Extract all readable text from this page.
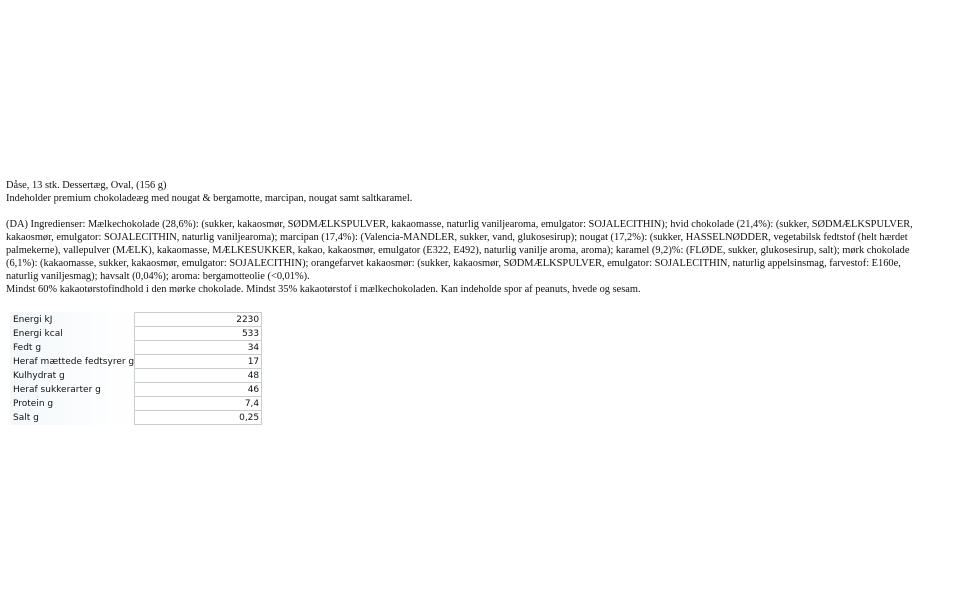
Dåse, 13 stk. Dessertæg, Oval, (156 g)
Indeholder premium chokoladeæg med nougat & bergamotte, marcipan, nougat samt saltkaramel.
(DA) Ingredienser: Mælkechokolade (28,6%): (sukker, kakaosmør, SØDMÆLKSPULVER, kakaomasse, naturlig vaniljearoma, emulgator: SOJALECITHIN); hvid chokolade (21,4%): (sukker, SØDMÆLKSPULVER,
kakaosmør, emulgator: SOJALECITHIN, naturlig vaniljearoma); marcipan (17,4%): (Valencia-MANDLER, sukker, vand, glukosesirup); nougat (17,2%): (sukker, HASSELNØDDER, vegetabilsk fedtstof (helt hærdet
palmekerne), vallepulver (MÆLK), kakaomasse, MÆLKESUKKER, kakao, kakaosmør, emulgator (E322, E492), naturlig vanilje aroma, aroma); karamel (9,2)%: (FLØDE, sukker, glukosesirup, salt); mørk chokolade
(6,1%): (kakaomasse, sukker, kakaosmør, emulgator: SOJALECITHIN); orangefarvet kakaosmør: (sukker, kakaosmør, SØDMÆLKSPULVER, emulgator: SOJALECITHIN, naturlig appelsinsmag, farvestof: E160e,
naturlig vaniljesmag); havsalt (0,04%); aroma: bergamotteolie (<0,01%).
Mindst 60% kakaotørstofindhold i den mørke chokolade. Mindst 35% kakaotørstof i mælkechokoladen. Kan indeholde spor af peanuts, hvede og sesam.
Energi kJ	2230
Energi kcal	533
Fedt g	34
Heraf mættede fedtsyrer g	17
Kulhydrat g	48
Heraf sukkerarter g	46
Protein g	7,4
Salt g	0,25
